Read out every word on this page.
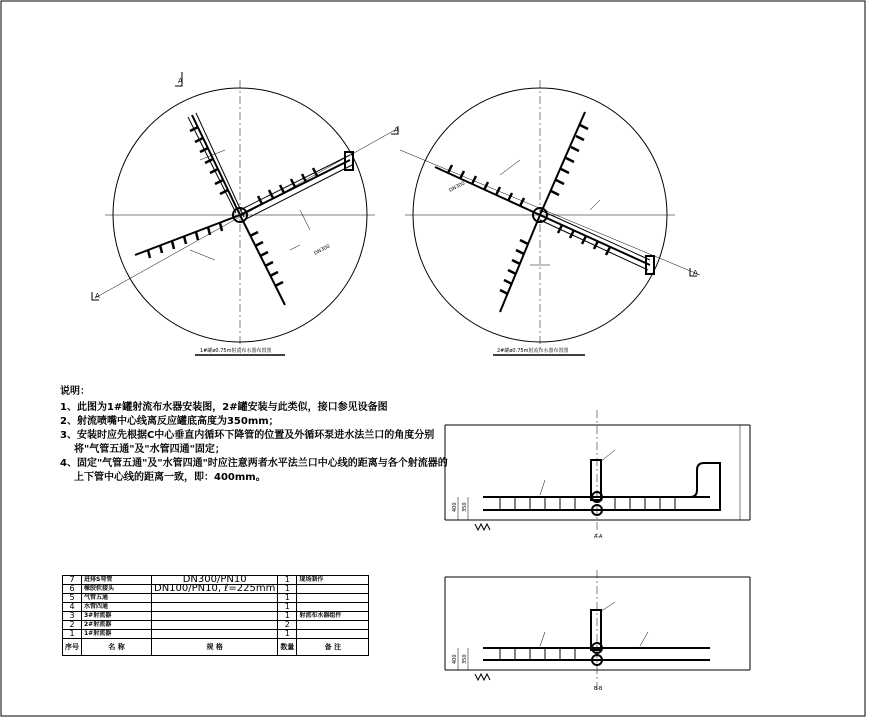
DN300
A
A
1#罐ø0.75m射流布水器布置图
DN300
A
A
2#罐ø0.75m射流布水器布置图
350
400
A-A
350
400
B-B
说明：
1、此图为1#罐射流布水器安装图，2#罐安装与此类似，接口参见设备图
2、射流喷嘴中心线离反应罐底高度为350mm；
3、安装时应先根据C中心垂直内循环下降管的位置及外循环泵进水法兰口的角度分别
将"气管五通"及"水管四通"固定；
4、固定"气管五通"及"水管四通"时应注意两者水平法兰口中心线的距离与各个射流器的
上下管中心线的距离一致，即：400mm。
7	进排S弯管	DN300/PN10	1	现场制作
6	橡胶软接头	DN100/PN10, ℓ=225mm	1	
5	气管五通		1	
4	水管四通		1	
3	3#射流器		1	射流布水器组件
2	2#射流器		2	
1	1#射流器		1	
序号	名 称	规 格	数量	备 注
